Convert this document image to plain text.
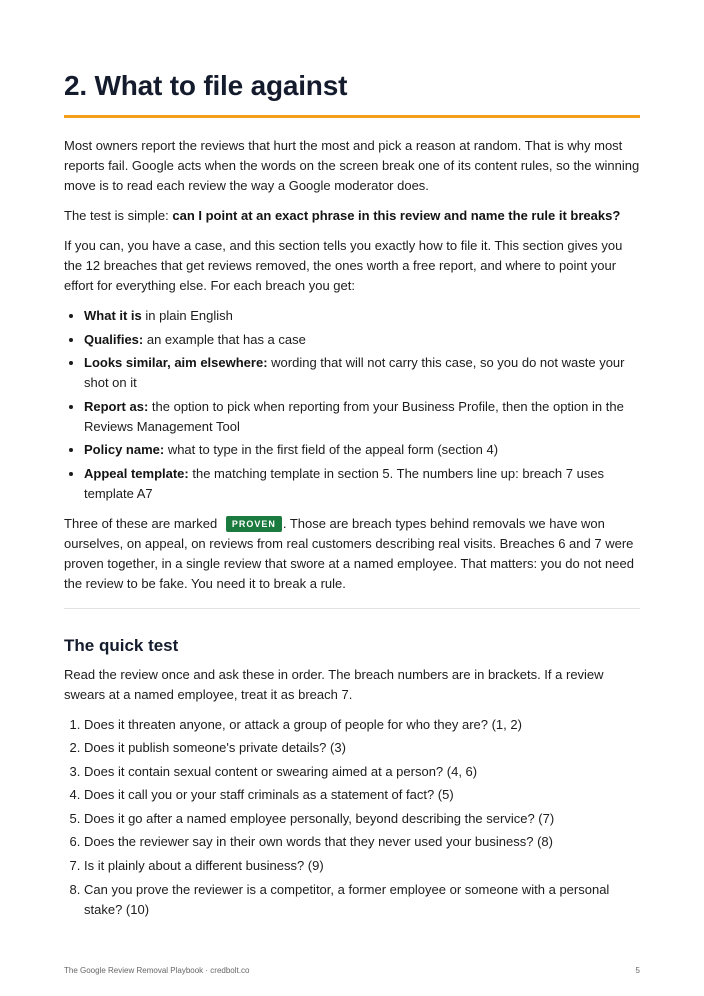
2. What to file against

Most owners report the reviews that hurt the most and pick a reason at random. That is why most reports fail. Google acts when the words on the screen break one of its content rules, so the winning move is to read each review the way a Google moderator does.

The test is simple: can I point at an exact phrase in this review and name the rule it breaks?

If you can, you have a case, and this section tells you exactly how to file it. This section gives you the 12 breaches that get reviews removed, the ones worth a free report, and where to point your effort for everything else. For each breach you get:

• What it is in plain English
• Qualifies: an example that has a case
• Looks similar, aim elsewhere: wording that will not carry this case, so you do not waste your shot on it
• Report as: the option to pick when reporting from your Business Profile, then the option in the Reviews Management Tool
• Policy name: what to type in the first field of the appeal form (section 4)
• Appeal template: the matching template in section 5. The numbers line up: breach 7 uses template A7

Three of these are marked PROVEN . Those are breach types behind removals we have won ourselves, on appeal, on reviews from real customers describing real visits. Breaches 6 and 7 were proven together, in a single review that swore at a named employee. That matters: you do not need the review to be fake. You need it to break a rule.

The quick test

Read the review once and ask these in order. The breach numbers are in brackets. If a review swears at a named employee, treat it as breach 7.

1. Does it threaten anyone, or attack a group of people for who they are? (1, 2)
2. Does it publish someone's private details? (3)
3. Does it contain sexual content or swearing aimed at a person? (4, 6)
4. Does it call you or your staff criminals as a statement of fact? (5)
5. Does it go after a named employee personally, beyond describing the service? (7)
6. Does the reviewer say in their own words that they never used your business? (8)
7. Is it plainly about a different business? (9)
8. Can you prove the reviewer is a competitor, a former employee or someone with a personal stake? (10)
The Google Review Removal Playbook · credbolt.co	5
